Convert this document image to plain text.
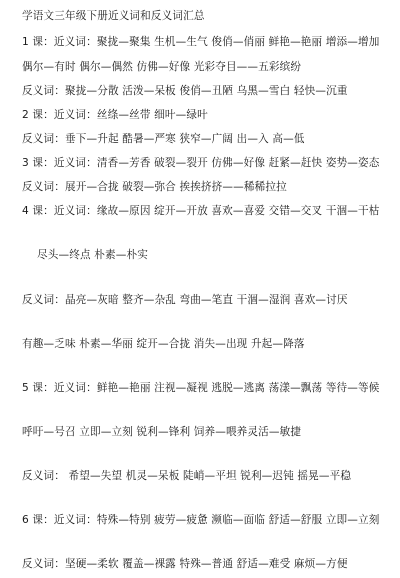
学语文三年级下册近义词和反义词汇总
1 课：近义词：聚拢—聚集 生机—生气 俊俏—俏丽 鲜艳—艳丽 增添—增加
偶尔—有时 偶尔—偶然 仿佛—好像 光彩夺目——五彩缤纷
反义词：聚拢—分散 活泼—呆板 俊俏—丑陋 乌黑—雪白 轻快—沉重
2 课：近义词：丝绦—丝带 细叶—绿叶
反义词：垂下—升起 酷暑—严寒 狭窄—广阔 出—入 高—低
3 课：近义词：清香—芳香 破裂—裂开 仿佛—好像 赶紧—赶快 姿势—姿态
反义词：展开—合拢 破裂—弥合 挨挨挤挤——稀稀拉拉
4 课：近义词：缘故—原因 绽开—开放 喜欢—喜爱 交错—交叉 干涸—干枯
尽头—终点 朴素—朴实
反义词：晶亮—灰暗 整齐—杂乱 弯曲—笔直 干涸—湿润 喜欢—讨厌
有趣—乏味 朴素—华丽 绽开—合拢 消失—出现 升起—降落
5 课：近义词：鲜艳—艳丽 注视—凝视 逃脱—逃离 荡漾—飘荡 等待—等候
呼吁—号召 立即—立刻 锐利—锋利 饲养—喂养灵活—敏捷
反义词： 希望—失望 机灵—呆板 陡峭—平坦 锐利—迟钝 摇晃—平稳
6 课：近义词：特殊—特别 疲劳—疲惫 濒临—面临 舒适—舒服 立即—立刻
反义词：坚硬—柔软 覆盖—裸露 特殊—普通 舒适—难受 麻烦—方便
